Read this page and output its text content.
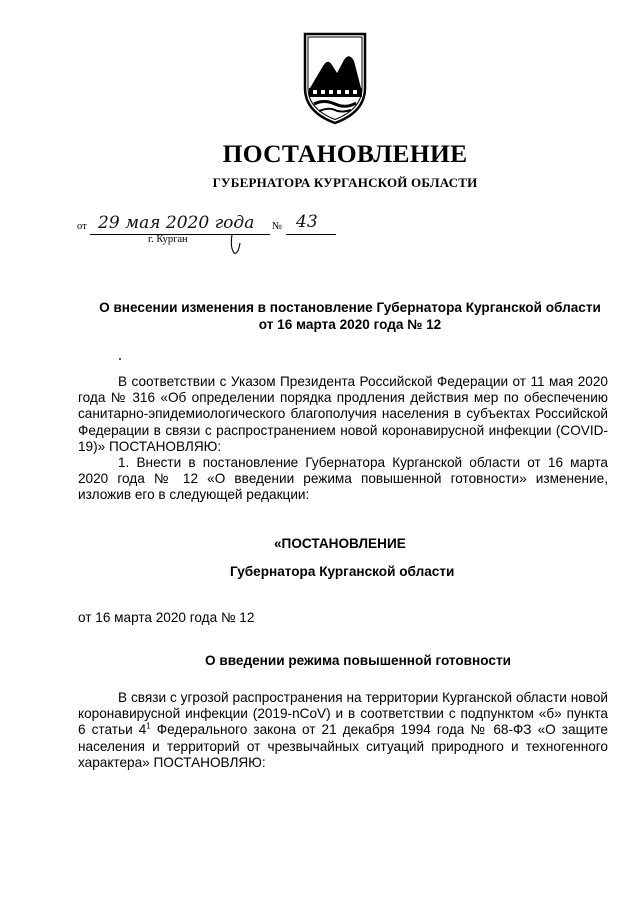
ПОСТАНОВЛЕНИЕ
ГУБЕРНАТОРА КУРГАНСКОЙ ОБЛАСТИ
от 29 мая 2020 года № 43
г. Курган
О внесении изменения в постановление Губернатора Курганской области
от 16 марта 2020 года № 12

В соответствии с Указом Президента Российской Федерации от 11 мая 2020 года № 316 «Об определении порядка продления действия мер по обеспечению санитарно-эпидемиологического благополучия населения в субъектах Российской Федерации в связи с распространением новой коронавирусной инфекции (COVID-19)» ПОСТАНОВЛЯЮ:

1. Внести в постановление Губернатора Курганской области от 16 марта 2020 года № 12 «О введении режима повышенной готовности» изменение, изложив его в следующей редакции:

«ПОСТАНОВЛЕНИЕ
Губернатора Курганской области
от 16 марта 2020 года № 12
О введении режима повышенной готовности

В связи с угрозой распространения на территории Курганской области новой коронавирусной инфекции (2019-nCoV) и в соответствии с подпунктом «б» пункта 6 статьи $4^1$ Федерального закона от 21 декабря 1994 года № 68-ФЗ «О защите населения и территорий от чрезвычайных ситуаций природного и техногенного характера» ПОСТАНОВЛЯЮ:
